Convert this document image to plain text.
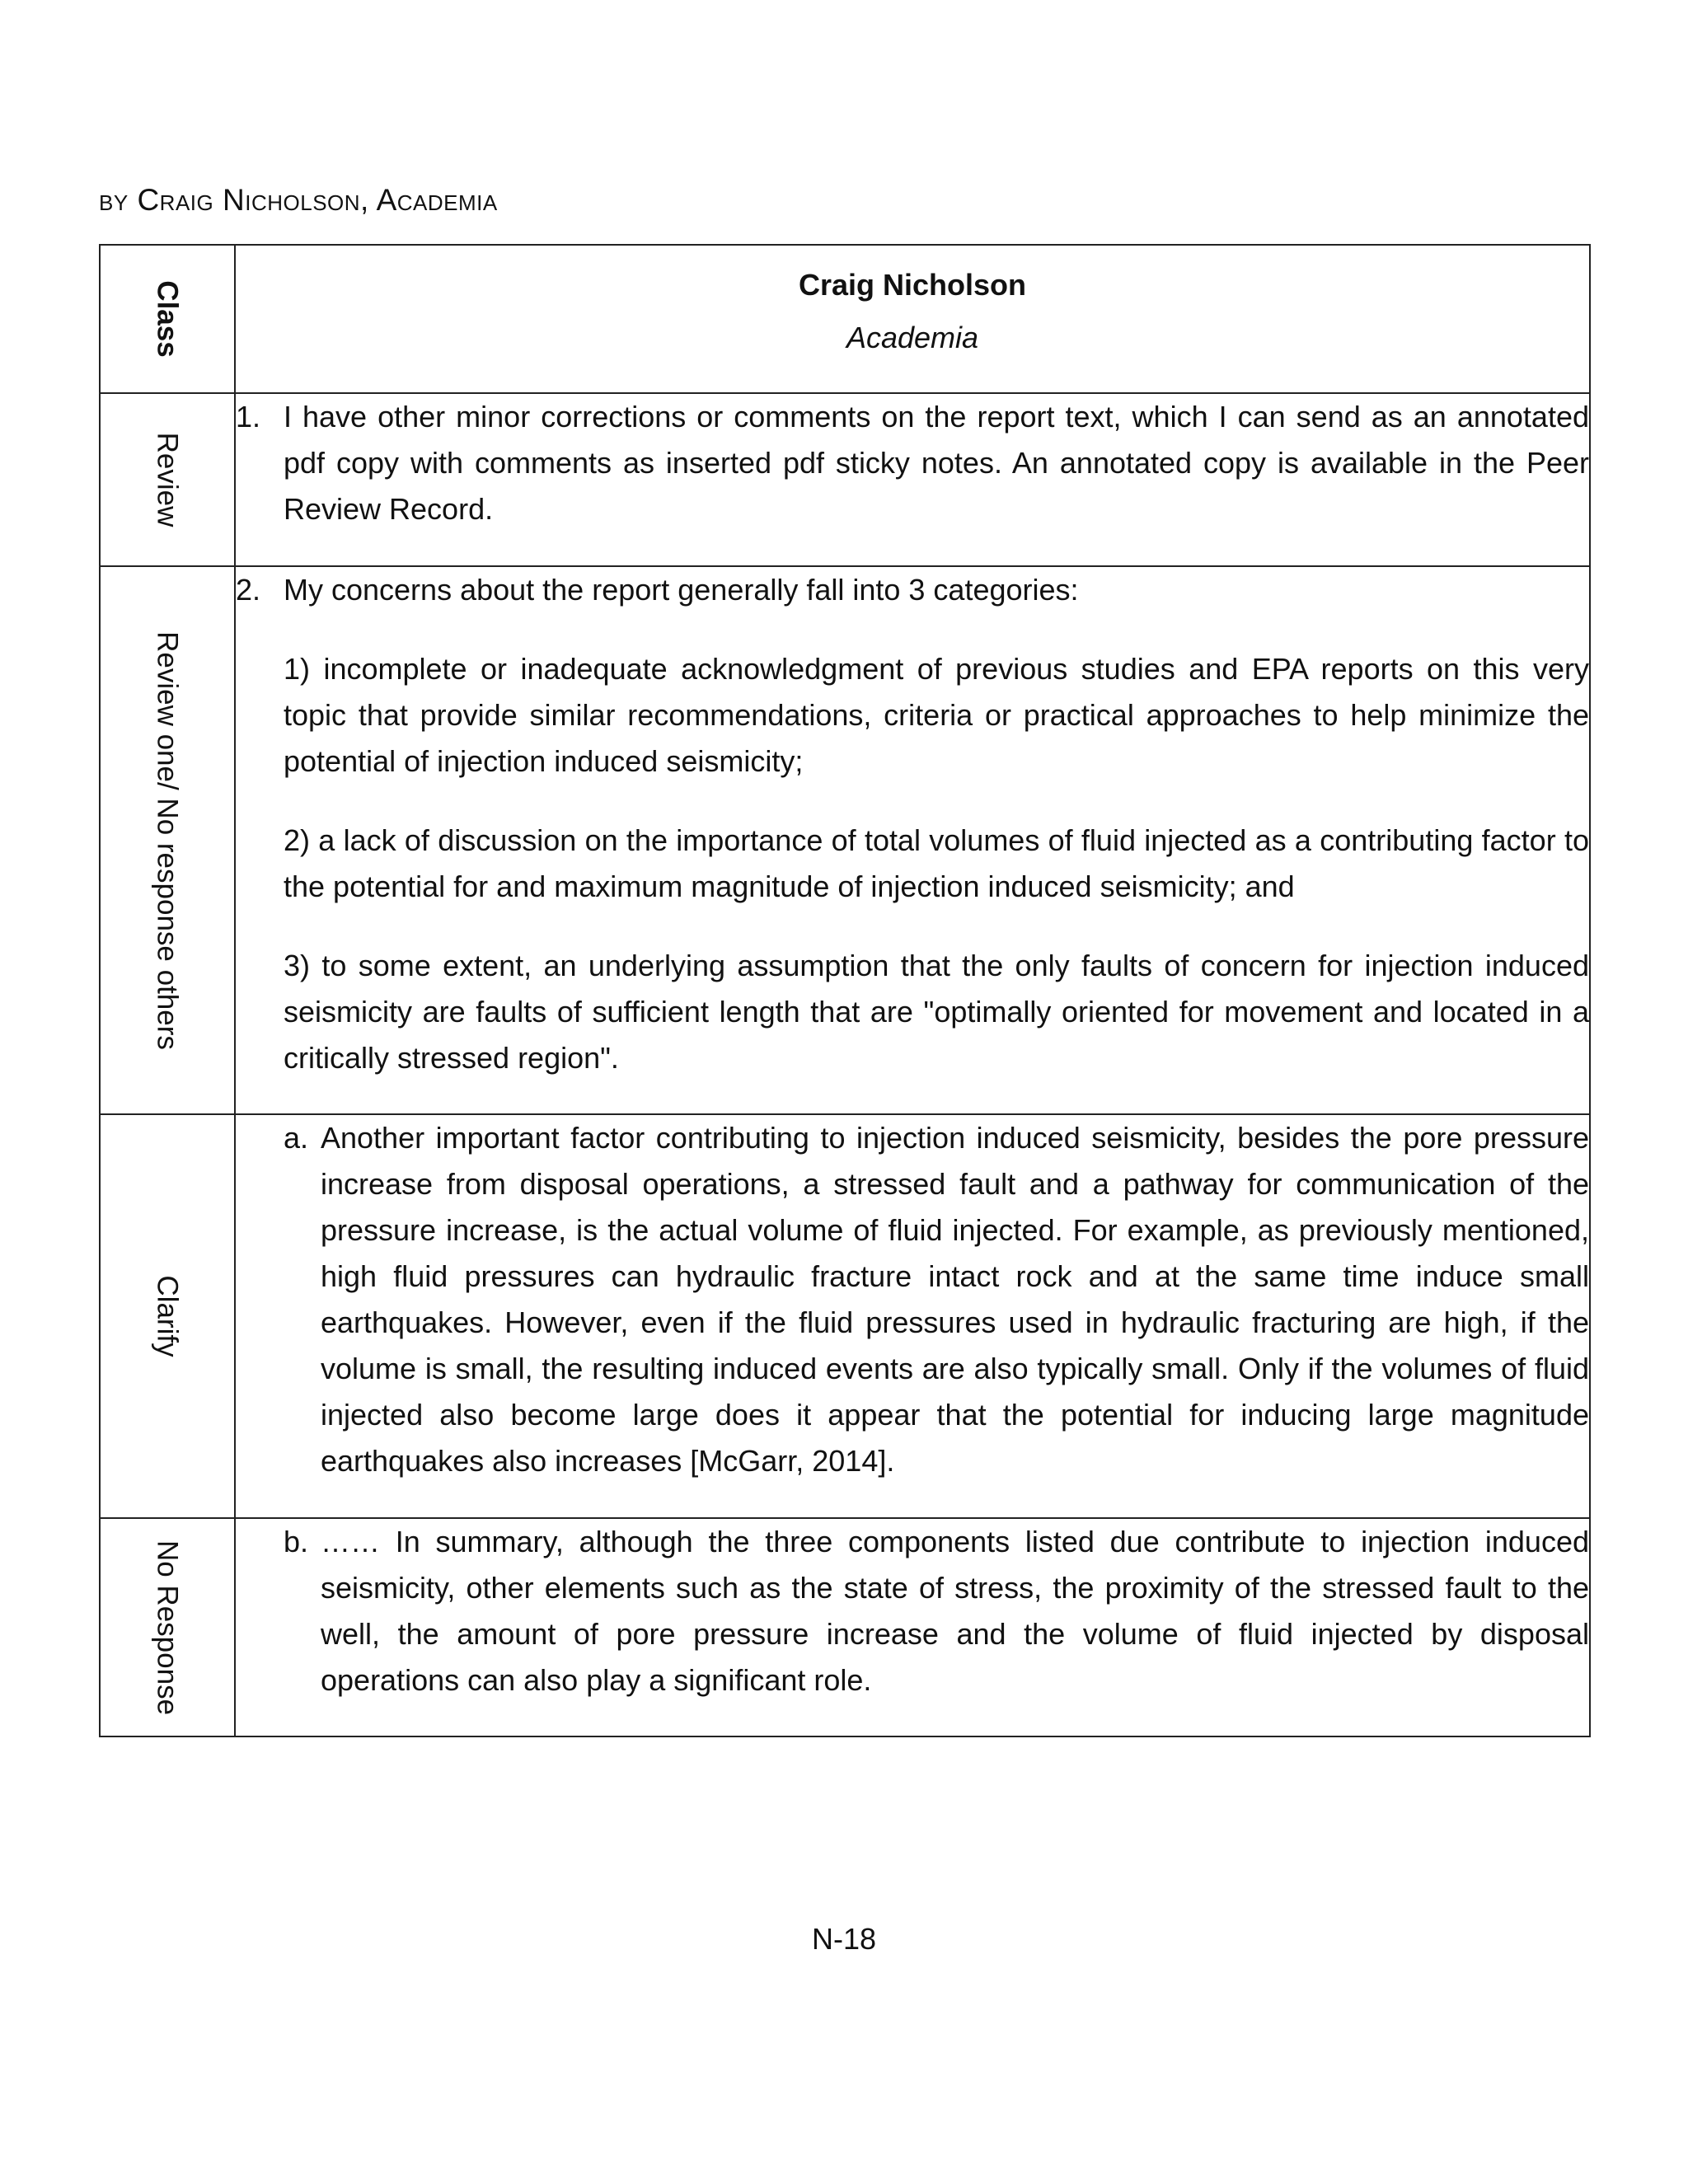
by Craig Nicholson, Academia
Class	Craig Nicholson
Academia

Review	1. I have other minor corrections or comments on the report text, which I can send as an annotated pdf copy with comments as inserted pdf sticky notes. An annotated copy is available in the Peer Review Record.

Review one/ No response others	2. My concerns about the report generally fall into 3 categories:
1) incomplete or inadequate acknowledgment of previous studies and EPA reports on this very topic that provide similar recommendations, criteria or practical approaches to help minimize the potential of injection induced seismicity;
2) a lack of discussion on the importance of total volumes of fluid injected as a contributing factor to the potential for and maximum magnitude of injection induced seismicity; and
3) to some extent, an underlying assumption that the only faults of concern for injection induced seismicity are faults of sufficient length that are "optimally oriented for movement and located in a critically stressed region".

Clarify	a. Another important factor contributing to injection induced seismicity, besides the pore pressure increase from disposal operations, a stressed fault and a pathway for communication of the pressure increase, is the actual volume of fluid injected. For example, as previously mentioned, high fluid pressures can hydraulic fracture intact rock and at the same time induce small earthquakes. However, even if the fluid pressures used in hydraulic fracturing are high, if the volume is small, the resulting induced events are also typically small. Only if the volumes of fluid injected also become large does it appear that the potential for inducing large magnitude earthquakes also increases [McGarr, 2014].

No Response	b. …… In summary, although the three components listed due contribute to injection induced seismicity, other elements such as the state of stress, the proximity of the stressed fault to the well, the amount of pore pressure increase and the volume of fluid injected by disposal operations can also play a significant role.
N-18
